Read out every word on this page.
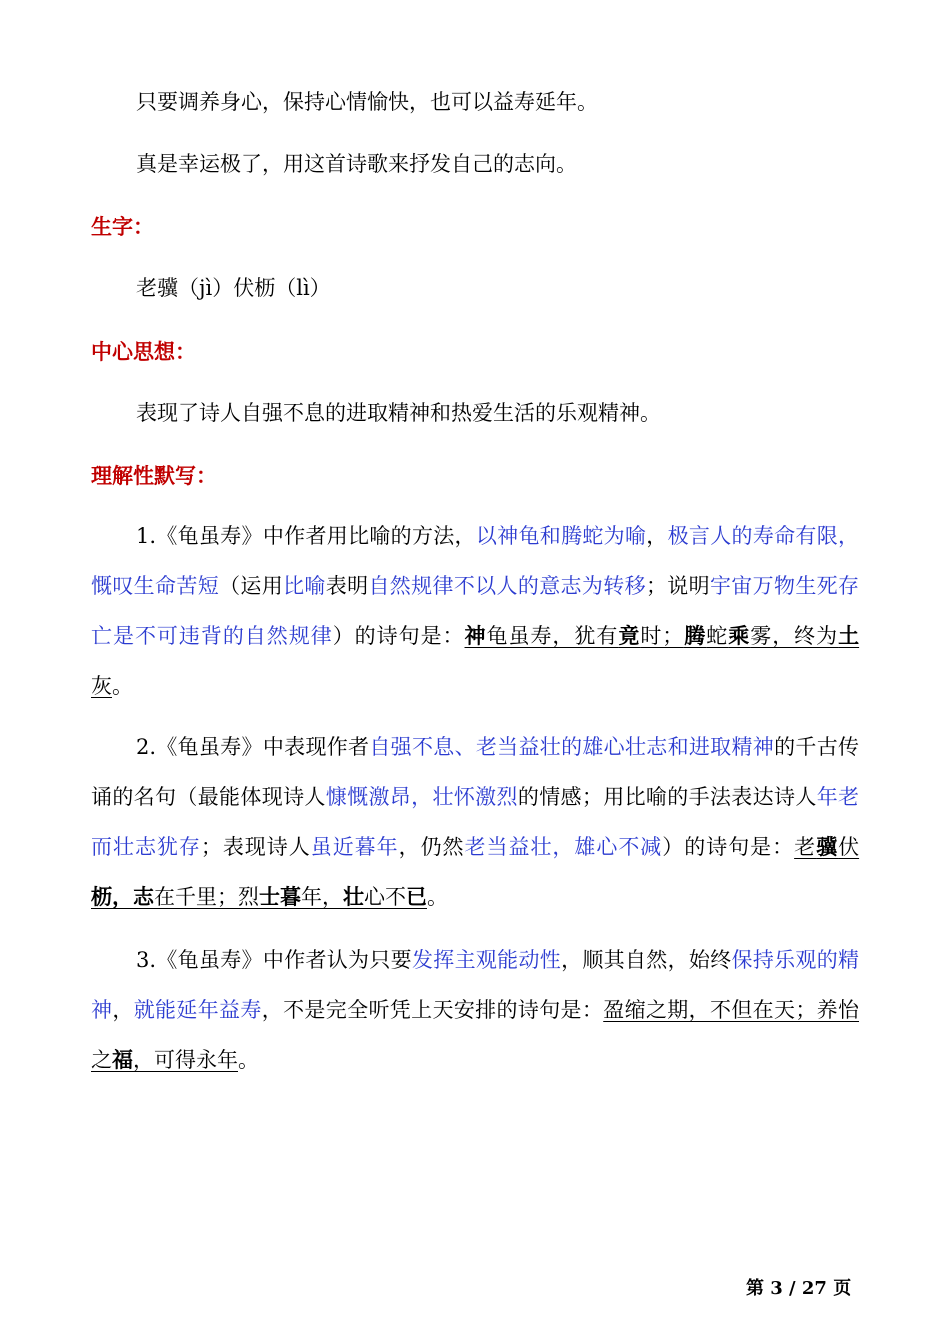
只要调养身心，保持心情愉快，也可以益寿延年。
真是幸运极了，用这首诗歌来抒发自己的志向。
生字：
老骥（jì）伏枥（lì）
中心思想：
表现了诗人自强不息的进取精神和热爱生活的乐观精神。
理解性默写：
1.《龟虽寿》中作者用比喻的方法，以神龟和腾蛇为喻，极言人的寿命有限，慨叹生命苦短（运用比喻表明自然规律不以人的意志为转移；说明宇宙万物生死存亡是不可违背的自然规律）的诗句是：神龟虽寿，犹有竟时；腾蛇乘雾，终为土灰。
2.《龟虽寿》中表现作者自强不息、老当益壮的雄心壮志和进取精神的千古传诵的名句（最能体现诗人慷慨激昂，壮怀激烈的情感；用比喻的手法表达诗人年老而壮志犹存；表现诗人虽近暮年，仍然老当益壮，雄心不减）的诗句是：老骥伏枥，志在千里；烈士暮年，壮心不已。
3.《龟虽寿》中作者认为只要发挥主观能动性，顺其自然，始终保持乐观的精神，就能延年益寿，不是完全听凭上天安排的诗句是：盈缩之期，不但在天；养怡之福，可得永年。
第 3 / 27 页
